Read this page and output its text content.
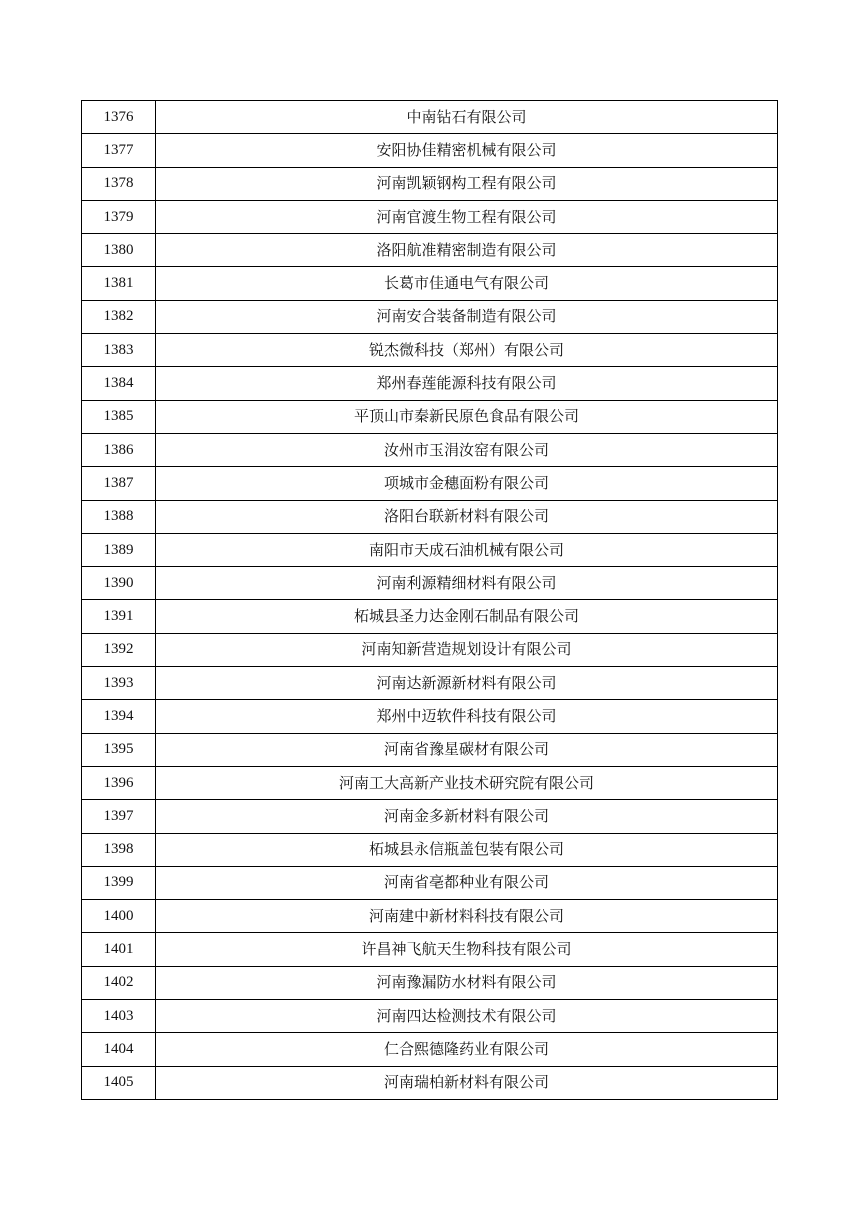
1376	中南钻石有限公司
1377	安阳协佳精密机械有限公司
1378	河南凯颖钢构工程有限公司
1379	河南官渡生物工程有限公司
1380	洛阳航准精密制造有限公司
1381	长葛市佳通电气有限公司
1382	河南安合装备制造有限公司
1383	锐杰微科技（郑州）有限公司
1384	郑州春莲能源科技有限公司
1385	平顶山市秦新民原色食品有限公司
1386	汝州市玉涓汝窑有限公司
1387	项城市金穗面粉有限公司
1388	洛阳台联新材料有限公司
1389	南阳市天成石油机械有限公司
1390	河南利源精细材料有限公司
1391	柘城县圣力达金刚石制品有限公司
1392	河南知新营造规划设计有限公司
1393	河南达新源新材料有限公司
1394	郑州中迈软件科技有限公司
1395	河南省豫星碳材有限公司
1396	河南工大高新产业技术研究院有限公司
1397	河南金多新材料有限公司
1398	柘城县永信瓶盖包装有限公司
1399	河南省亳都种业有限公司
1400	河南建中新材料科技有限公司
1401	许昌神飞航天生物科技有限公司
1402	河南豫漏防水材料有限公司
1403	河南四达检测技术有限公司
1404	仁合熙德隆药业有限公司
1405	河南瑞柏新材料有限公司
